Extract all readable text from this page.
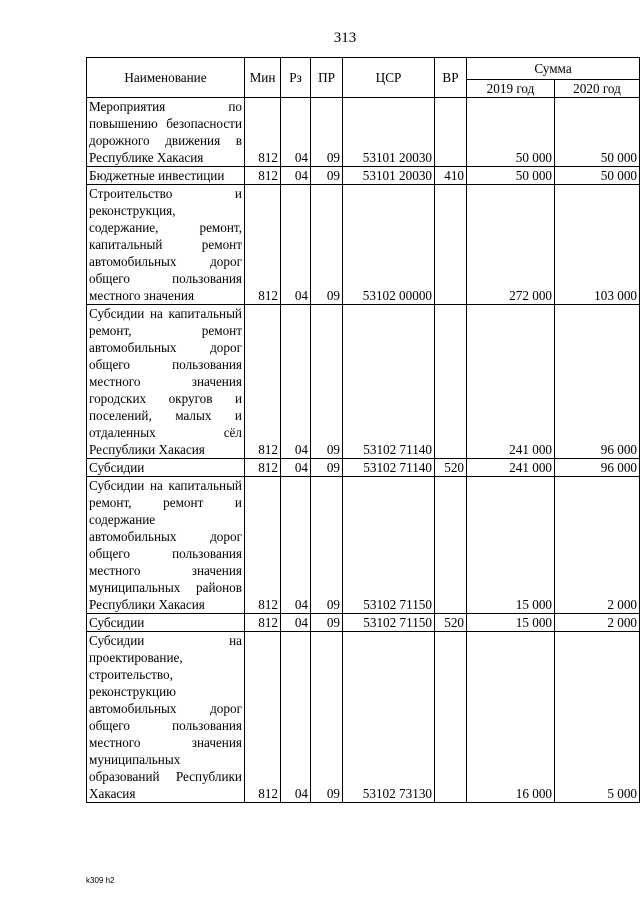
313
Наименование	Мин	Рз	ПР	ЦСР	ВР	Сумма	
						2019 год	2020 год
Мероприятия по повышению безопасности дорожного движения в Республике Хакасия	812	04	09	53101 20030		50 000	50 000
Бюджетные инвестиции	812	04	09	53101 20030	410	50 000	50 000
Строительство и реконструкция, содержание, ремонт, капитальный ремонт автомобильных дорог общего пользования местного значения	812	04	09	53102 00000		272 000	103 000
Субсидии на капитальный ремонт, ремонт автомобильных дорог общего пользования местного значения городских округов и поселений, малых и отдаленных сёл Республики Хакасия	812	04	09	53102 71140		241 000	96 000
Субсидии	812	04	09	53102 71140	520	241 000	96 000
Субсидии на капитальный ремонт, ремонт и содержание автомобильных дорог общего пользования местного значения муниципальных районов Республики Хакасия	812	04	09	53102 71150		15 000	2 000
Субсидии	812	04	09	53102 71150	520	15 000	2 000
Субсидии на проектирование, строительство, реконструкцию автомобильных дорог общего пользования местного значения муниципальных образований Республики Хакасия	812	04	09	53102 73130		16 000	5 000
k309 h2
